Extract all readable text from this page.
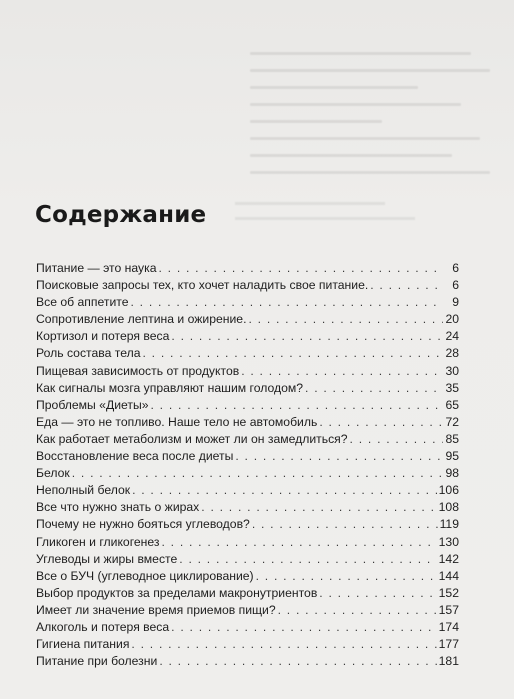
Содержание
Питание — это наука . . .	6
Поисковые запросы тех, кто хочет наладить свое питание. . . .	6
Все об аппетите . . .	9
Сопротивление лептина и ожирение. . . .	20
Кортизол и потеря веса . . .	24
Роль состава тела . . .	28
Пищевая зависимость от продуктов . . .	30
Как сигналы мозга управляют нашим голодом? . . .	35
Проблемы «Диеты» . . .	65
Еда — это не топливо. Наше тело не автомобиль . . .	72
Как работает метаболизм и может ли он замедлиться? . . .	85
Восстановление веса после диеты . . .	95
Белок . . .	98
Неполный белок . . .	106
Все что нужно знать о жирах . . .	108
Почему не нужно бояться углеводов? . . .	119
Гликоген и гликогенез . . .	130
Углеводы и жиры вместе . . .	142
Все о БУЧ (углеводное циклирование) . . .	144
Выбор продуктов за пределами макронутриентов . . .	152
Имеет ли значение время приемов пищи? . . .	157
Алкоголь и потеря веса . . .	174
Гигиена питания . . .	177
Питание при болезни . . .	181
